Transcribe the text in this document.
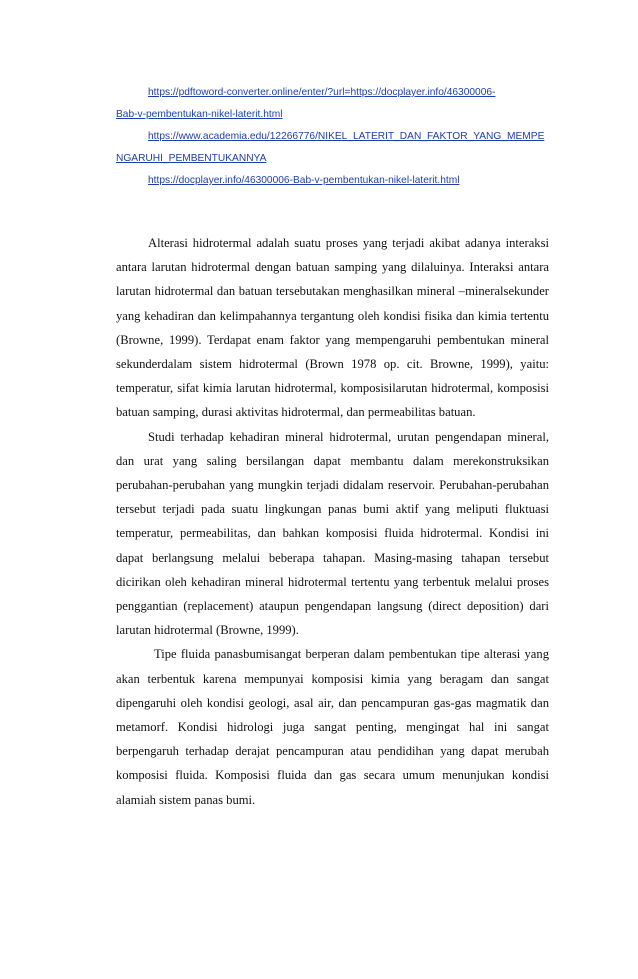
https://pdftoword-converter.online/enter/?url=https://docplayer.info/46300006-
Bab-v-pembentukan-nikel-laterit.html
https://www.academia.edu/12266776/NIKEL_LATERIT_DAN_FAKTOR_YANG_MEMPE
NGARUHI_PEMBENTUKANNYA
https://docplayer.info/46300006-Bab-v-pembentukan-nikel-laterit.html

Alterasi hidrotermal adalah suatu proses yang terjadi akibat adanya interaksi antara larutan hidrotermal dengan batuan samping yang dilaluinya. Interaksi antara larutan hidrotermal dan batuan tersebutakan menghasilkan mineral –mineralsekunder yang kehadiran dan kelimpahannya tergantung oleh kondisi fisika dan kimia tertentu (Browne, 1999). Terdapat enam faktor yang mempengaruhi pembentukan mineral sekunderdalam sistem hidrotermal (Brown 1978 op. cit. Browne, 1999), yaitu: temperatur, sifat kimia larutan hidrotermal, komposisilarutan hidrotermal, komposisi batuan samping, durasi aktivitas hidrotermal, dan permeabilitas batuan.

Studi terhadap kehadiran mineral hidrotermal, urutan pengendapan mineral, dan urat yang saling bersilangan dapat membantu dalam merekonstruksikan perubahan-perubahan yang mungkin terjadi didalam reservoir. Perubahan-perubahan tersebut terjadi pada suatu lingkungan panas bumi aktif yang meliputi fluktuasi temperatur, permeabilitas, dan bahkan komposisi fluida hidrotermal. Kondisi ini dapat berlangsung melalui beberapa tahapan. Masing-masing tahapan tersebut dicirikan oleh kehadiran mineral hidrotermal tertentu yang terbentuk melalui proses penggantian (replacement) ataupun pengendapan langsung (direct deposition) dari larutan hidrotermal (Browne, 1999).

Tipe fluida panasbumisangat berperan dalam pembentukan tipe alterasi yang akan terbentuk karena mempunyai komposisi kimia yang beragam dan sangat dipengaruhi oleh kondisi geologi, asal air, dan pencampuran gas-gas magmatik dan metamorf. Kondisi hidrologi juga sangat penting, mengingat hal ini sangat berpengaruh terhadap derajat pencampuran atau pendidihan yang dapat merubah komposisi fluida. Komposisi fluida dan gas secara umum menunjukan kondisi alamiah sistem panas bumi.
